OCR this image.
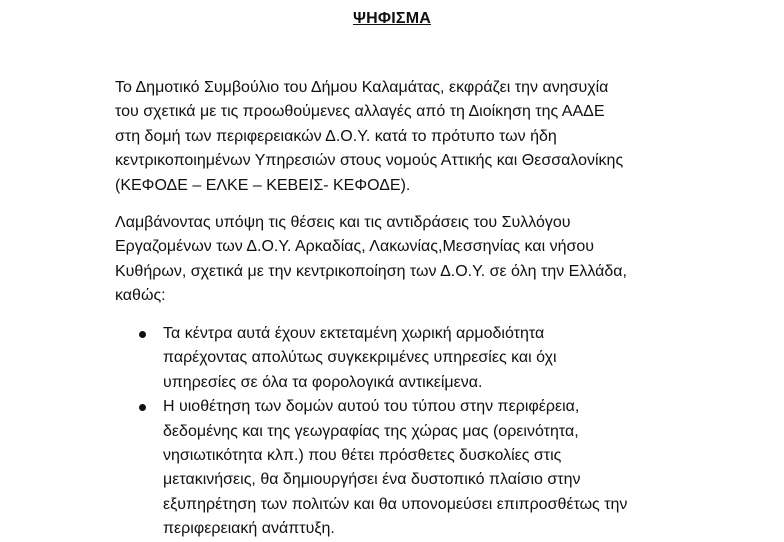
ΨΗΦΙΣΜΑ
Το Δημοτικό Συμβούλιο του Δήμου Καλαμάτας, εκφράζει την ανησυχία
του σχετικά με τις προωθούμενες αλλαγές από τη Διοίκηση της ΑΑΔΕ
στη δομή των περιφερειακών Δ.Ο.Υ. κατά το πρότυπο των ήδη
κεντρικοποιημένων Υπηρεσιών στους νομούς Αττικής και Θεσσαλονίκης
(ΚΕΦΟΔΕ – ΕΛΚΕ – ΚΕΒΕΙΣ- ΚΕΦΟΔΕ).
Λαμβάνοντας υπόψη τις θέσεις και τις αντιδράσεις του Συλλόγου
Εργαζομένων των Δ.Ο.Υ. Αρκαδίας, Λακωνίας,Μεσσηνίας και νήσου
Κυθήρων, σχετικά με την κεντρικοποίηση των Δ.Ο.Υ. σε όλη την Ελλάδα,
καθώς:
Τα κέντρα αυτά έχουν εκτεταμένη χωρική αρμοδιότητα
παρέχοντας απολύτως συγκεκριμένες υπηρεσίες και όχι
υπηρεσίες σε όλα τα φορολογικά αντικείμενα.
Η υιοθέτηση των δομών αυτού του τύπου στην περιφέρεια,
δεδομένης και της γεωγραφίας της χώρας μας (ορεινότητα,
νησιωτικότητα κλπ.) που θέτει πρόσθετες δυσκολίες στις
μετακινήσεις, θα δημιουργήσει ένα δυστοπικό πλαίσιο στην
εξυπηρέτηση των πολιτών και θα υπονομεύσει επιπροσθέτως την
περιφερειακή ανάπτυξη.
